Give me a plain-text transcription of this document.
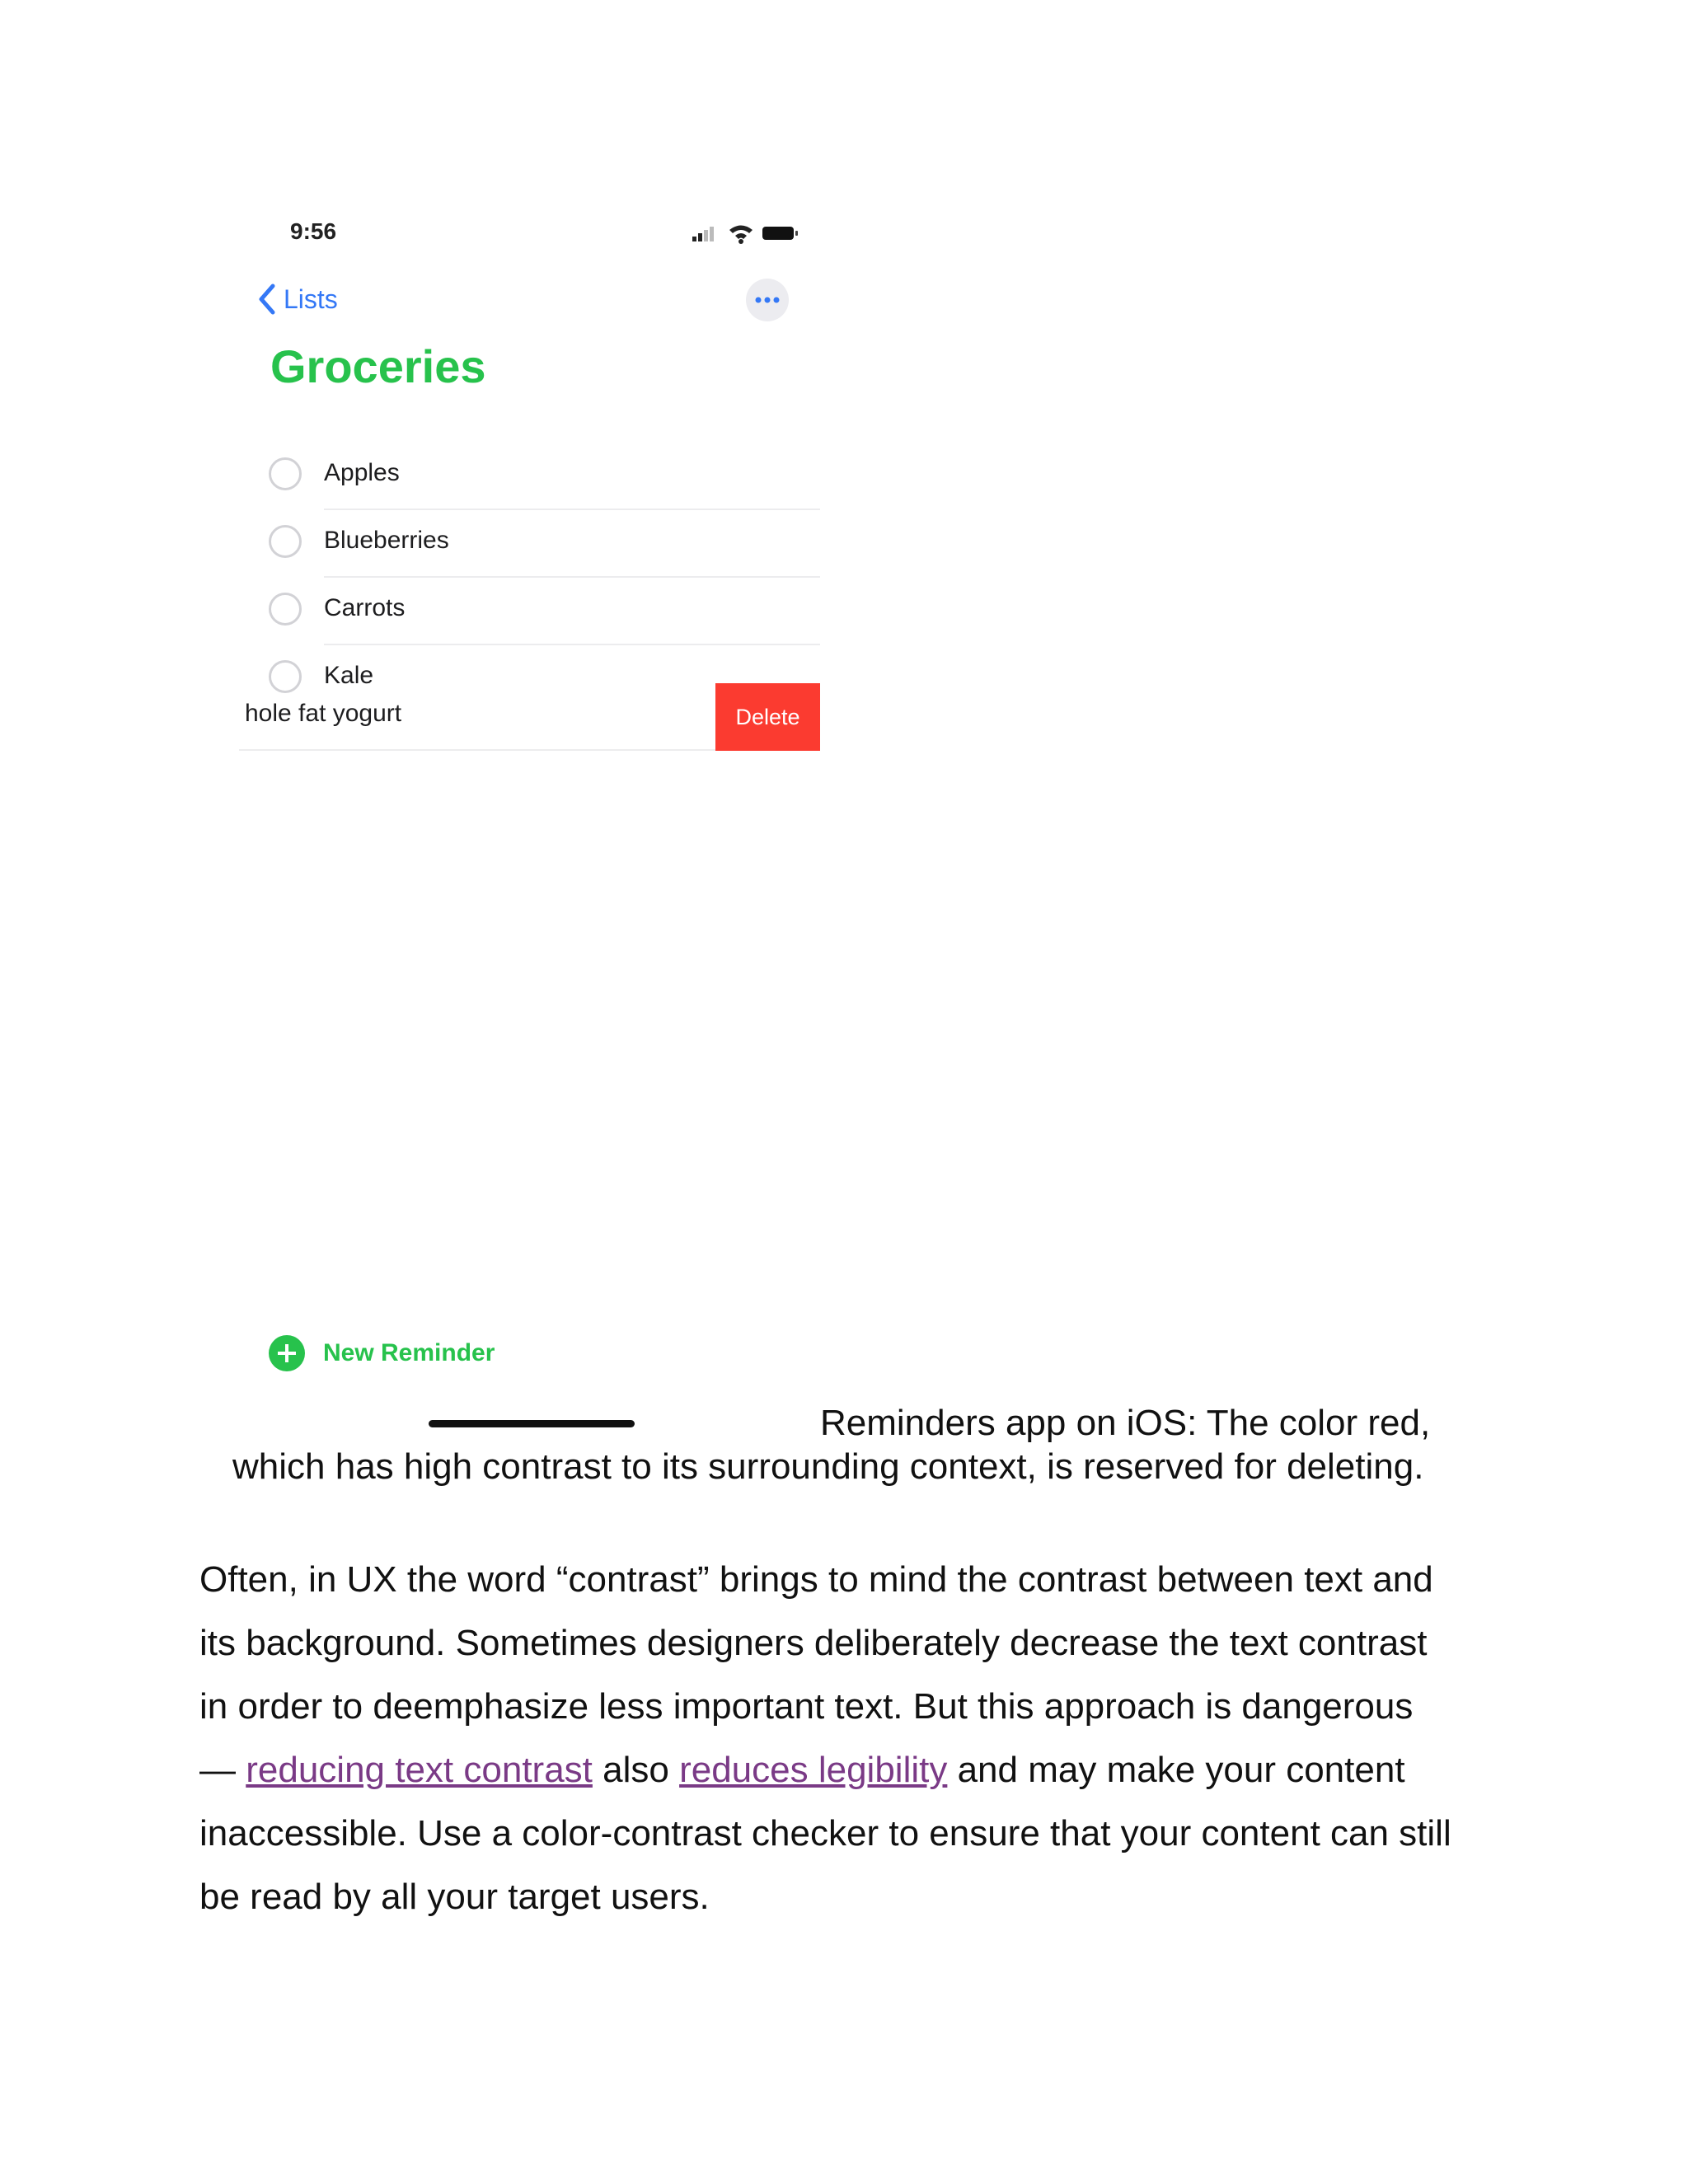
9:56
Lists
Groceries
Apples
Blueberries
Carrots
Kale
hole fat yogurt	Delete
New Reminder
Reminders app on iOS: The color red,
which has high contrast to its surrounding context, is reserved for deleting.
Often, in UX the word “contrast” brings to mind the contrast between text and
its background. Sometimes designers deliberately decrease the text contrast
in order to deemphasize less important text. But this approach is dangerous
— reducing text contrast also reduces legibility and may make your content
inaccessible. Use a color-contrast checker to ensure that your content can still
be read by all your target users.
